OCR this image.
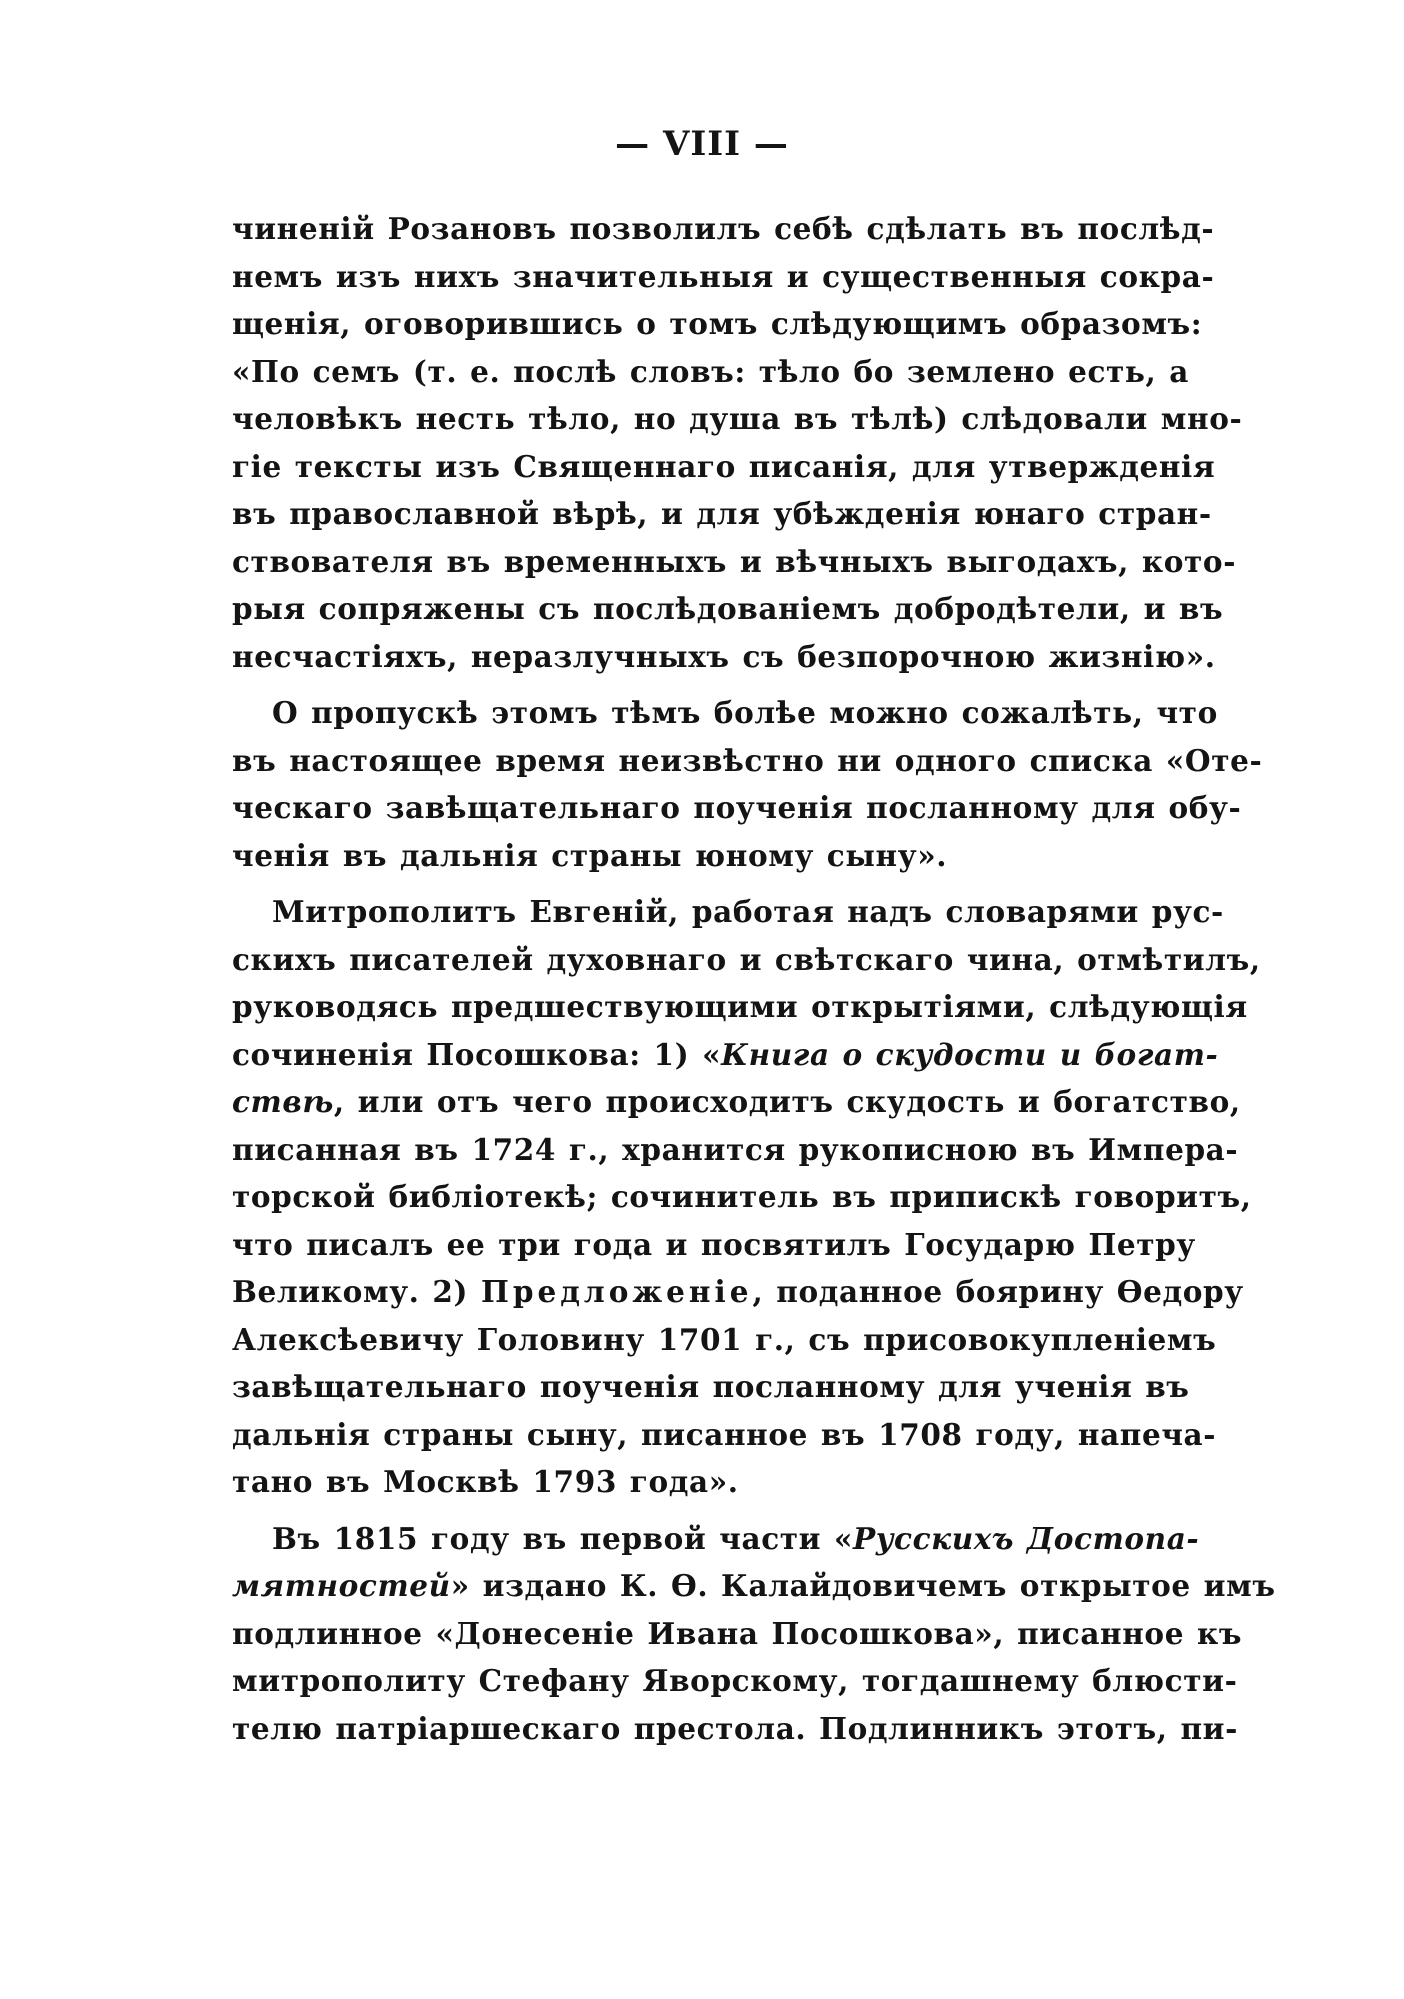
— VIII —
чиненій Розановъ позволилъ себѣ сдѣлать въ послѣд-
немъ изъ нихъ значительныя и существенныя сокра-
щенія, оговорившись о томъ слѣдующимъ образомъ:
«По семъ (т. е. послѣ словъ: тѣло бо землено есть, а
человѣкъ несть тѣло, но душа въ тѣлѣ) слѣдовали мно-
гіе тексты изъ Священнаго писанія, для утвержденія
въ православной вѣрѣ, и для убѣжденія юнаго стран-
ствователя въ временныхъ и вѣчныхъ выгодахъ, кото-
рыя сопряжены съ послѣдованіемъ добродѣтели, и въ
несчастіяхъ, неразлучныхъ съ безпорочною жизнію».
О пропускѣ этомъ тѣмъ болѣе можно сожалѣть, что
въ настоящее время неизвѣстно ни одного списка «Оте-
ческаго завѣщательнаго поученія посланному для обу-
ченія въ дальнія страны юному сыну».
Митрополитъ Евгеній, работая надъ словарями рус-
скихъ писателей духовнаго и свѣтскаго чина, отмѣтилъ,
руководясь предшествующими открытіями, слѣдующія
сочиненія Посошкова: 1) «Книга о скудости и богат-
ствѣ, или отъ чего происходитъ скудость и богатство,
писанная въ 1724 г., хранится рукописною въ Импера-
торской библіотекѣ; сочинитель въ припискѣ говоритъ,
что писалъ ее три года и посвятилъ Государю Петру
Великому. 2) Предложеніе, поданное боярину Ѳедору
Алексѣевичу Головину 1701 г., съ присовокупленіемъ
завѣщательнаго поученія посланному для ученія въ
дальнія страны сыну, писанное въ 1708 году, напеча-
тано въ Москвѣ 1793 года».
Въ 1815 году въ первой части «Русскихъ Достопа-
мятностей» издано К. Ѳ. Калайдовичемъ открытое имъ
подлинное «Донесеніе Ивана Посошкова», писанное къ
митрополиту Стефану Яворскому, тогдашнему блюсти-
телю патріаршескаго престола. Подлинникъ этотъ, пи-
